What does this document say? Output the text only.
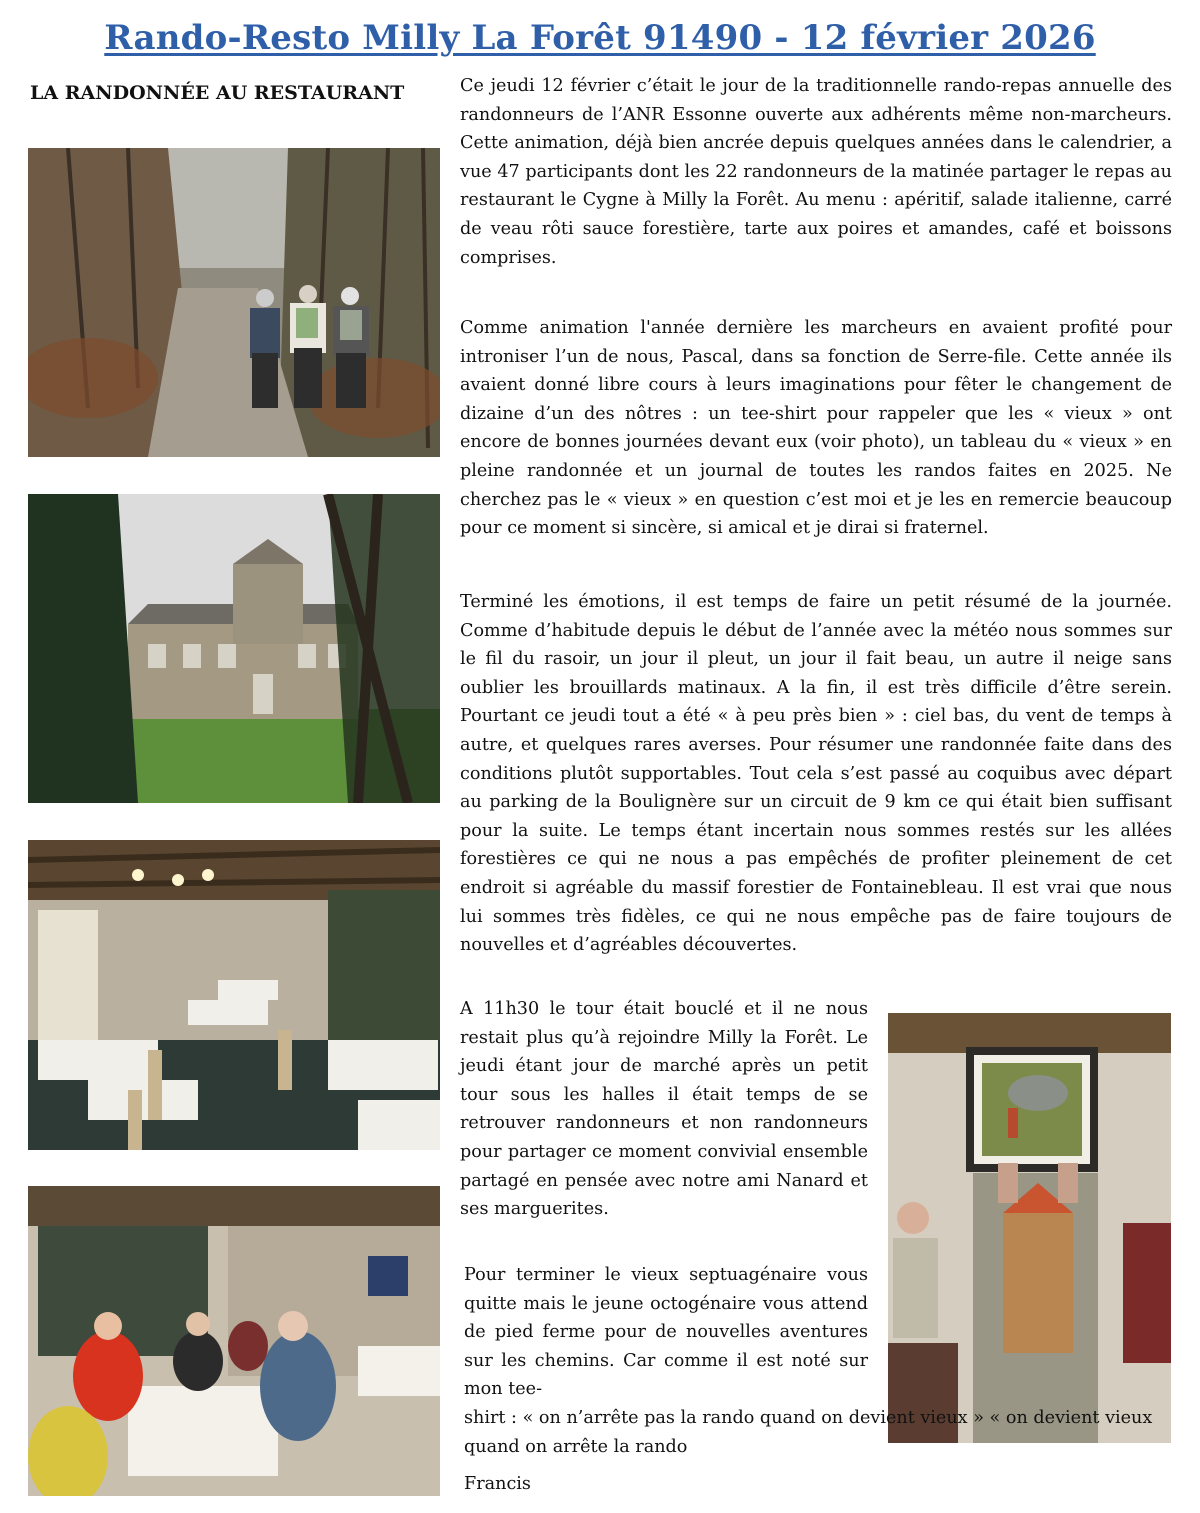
Rando-Resto Milly La Forêt 91490 - 12 février 2026
LA RANDONNÉE AU RESTAURANT	Ce jeudi 12 février c’était le jour de la traditionnelle rando-repas annuelle des randonneurs de l’ANR Essonne ouverte aux adhérents même non-marcheurs. Cette animation, déjà bien ancrée depuis quelques années dans le calendrier, a vue 47 participants dont les 22 randonneurs de la matinée partager le repas au restaurant le Cygne à Milly la Forêt. Au menu : apéritif, salade italienne, carré de veau rôti sauce forestière, tarte aux poires et amandes, café et boissons comprises.

Comme animation l'année dernière les marcheurs en avaient profité pour introniser l’un de nous, Pascal, dans sa fonction de Serre-file. Cette année ils avaient donné libre cours à leurs imaginations pour fêter le changement de dizaine d’un des nôtres : un tee-shirt pour rappeler que les « vieux » ont encore de bonnes journées devant eux (voir photo), un tableau du « vieux » en pleine randonnée et un journal de toutes les randos faites en 2025. Ne cherchez pas le « vieux » en question c’est moi et je les en remercie beaucoup pour ce moment si sincère, si amical et je dirai si fraternel.

Terminé les émotions, il est temps de faire un petit résumé de la journée. Comme d’habitude depuis le début de l’année avec la météo nous sommes sur le fil du rasoir, un jour il pleut, un jour il fait beau, un autre il neige sans oublier les brouillards matinaux. A la fin, il est très difficile d’être serein. Pourtant ce jeudi tout a été « à peu près bien » : ciel bas, du vent de temps à autre, et quelques rares averses. Pour résumer une randonnée faite dans des conditions plutôt supportables. Tout cela s’est passé au coquibus avec départ au parking de la Boulignère sur un circuit de 9 km ce qui était bien suffisant pour la suite. Le temps étant incertain nous sommes restés sur les allées forestières ce qui ne nous a pas empêchés de profiter pleinement de cet endroit si agréable du massif forestier de Fontainebleau. Il est vrai que nous lui sommes très fidèles, ce qui ne nous empêche pas de faire toujours de nouvelles et d’agréables découvertes.

A 11h30 le tour était bouclé et il ne nous restait plus qu’à rejoindre Milly la Forêt. Le jeudi étant jour de marché après un petit tour sous les halles il était temps de se retrouver randonneurs et non randonneurs pour partager ce moment convivial ensemble partagé en pensée avec notre ami Nanard et ses marguerites.

Pour terminer le vieux septuagénaire vous quitte mais le jeune octogénaire vous attend de pied ferme pour de nouvelles aventures sur les chemins. Car comme il est noté sur mon tee-

shirt : « on n’arrête pas la rando quand on devient vieux » « on devient vieux quand on arrête la rando

Francis
